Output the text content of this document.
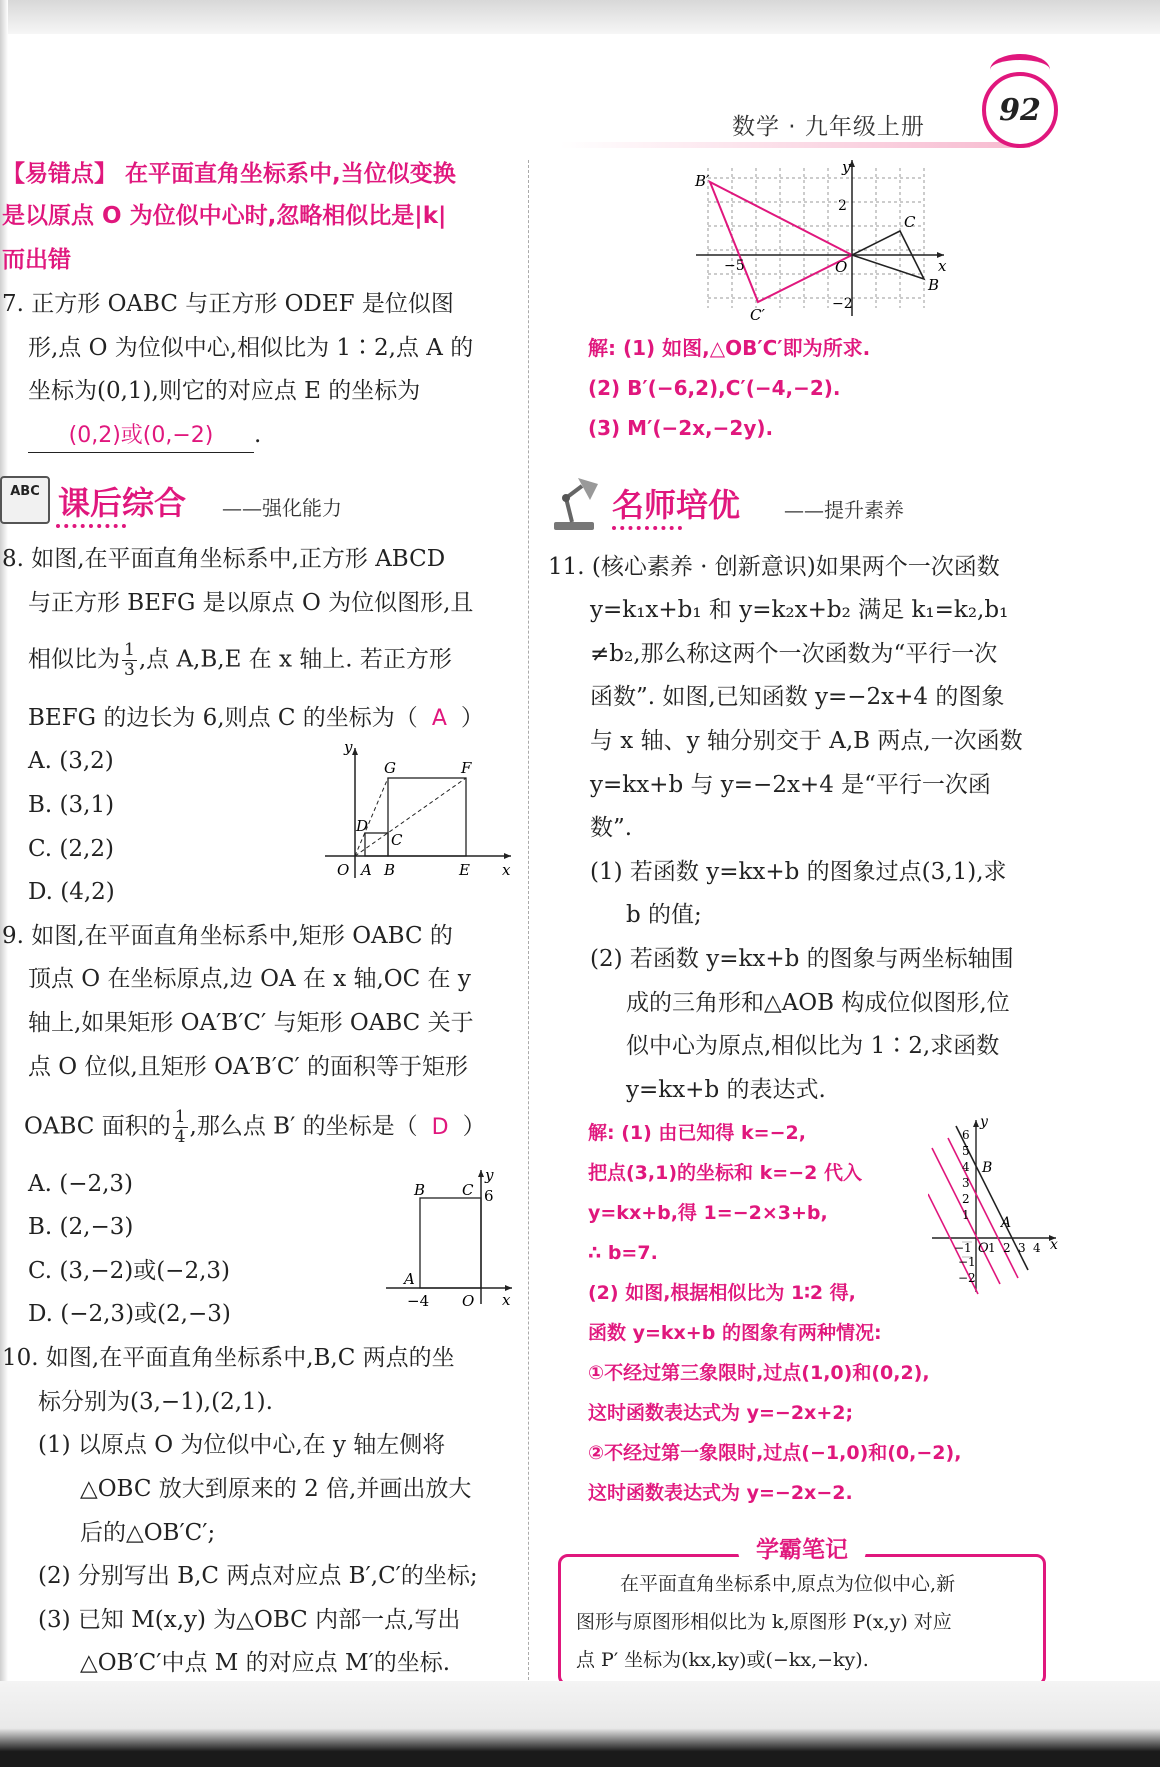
数学 · 九年级上册 92
【易错点】 在平面直角坐标系中,当位似变换
是以原点 O 为位似中心时,忽略相似比是|k|
而出错
7. 正方形 OABC 与正方形 ODEF 是位似图
形,点 O 为位似中心,相似比为 1∶2,点 A 的
坐标为(0,1),则它的对应点 E 的坐标为
(0,2)或(0,−2) .
ABC 课后综合 ——强化能力
8. 如图,在平面直角坐标系中,正方形 ABCD
与正方形 BEFG 是以原点 O 为位似图形,且
相似比为 $\frac{1}{3}$ ,点 A,B,E 在 x 轴上. 若正方形
BEFG 的边长为 6,则点 C 的坐标为（ A ）
A. (3,2)
B. (3,1)
C. (2,2)
D. (4,2)
y
x
O A B	E
C
D
G	F
9. 如图,在平面直角坐标系中,矩形 OABC 的
顶点 O 在坐标原点,边 OA 在 x 轴,OC 在 y
轴上,如果矩形 OA′B′C′ 与矩形 OABC 关于
点 O 位似,且矩形 OA′B′C′ 的面积等于矩形
OABC 面积的 $\frac{1}{4}$ ,那么点 B′ 的坐标是（ D ）
A. (−2,3)
B. (2,−3)
C. (3,−2)或(−2,3)
D. (−2,3)或(2,−3)
y
x
B C 6
A
−4 O
10. 如图,在平面直角坐标系中,B,C 两点的坐
标分别为(3,−1),(2,1).
(1) 以原点 O 为位似中心,在 y 轴左侧将
△OBC 放大到原来的 2 倍,并画出放大
后的△OB′C′;
(2) 分别写出 B,C 两点对应点 B′,C′的坐标;
(3) 已知 M(x,y) 为△OBC 内部一点,写出
△OB′C′中点 M 的对应点 M′的坐标.
y
x
B′
C′
C
B
O
2
−2
−5
解: (1) 如图,△OB′C′即为所求.
(2) B′(−6,2),C′(−4,−2).
(3) M′(−2x,−2y).
名师培优 ——提升素养
11. (核心素养 · 创新意识)如果两个一次函数
y=k₁x+b₁ 和 y=k₂x+b₂ 满足 k₁=k₂,b₁
≠b₂,那么称这两个一次函数为“平行一次
函数”. 如图,已知函数 y=−2x+4 的图象
与 x 轴、y 轴分别交于 A,B 两点,一次函数
y=kx+b 与 y=−2x+4 是“平行一次函
数”.
(1) 若函数 y=kx+b 的图象过点(3,1),求
b 的值;
(2) 若函数 y=kx+b 的图象与两坐标轴围
成的三角形和△AOB 构成位似图形,位
似中心为原点,相似比为 1∶2,求函数
y=kx+b 的表达式.
解: (1) 由已知得 k=−2,
把点(3,1)的坐标和 k=−2 代入
y=kx+b,得 1=−2×3+b,
∴ b=7.
(2) 如图,根据相似比为 1∶2 得,
函数 y=kx+b 的图象有两种情况:
①不经过第三象限时,过点(1,0)和(0,2),
这时函数表达式为 y=−2x+2;
②不经过第一象限时,过点(−1,0)和(0,−2),
这时函数表达式为 y=−2x−2.
y
x
B
A
O
6
5
4
3
2
1
−1
−2
−1 1 2 3 4
学霸笔记
在平面直角坐标系中,原点为位似中心,新
图形与原图形相似比为 k,原图形 P(x,y) 对应
点 P′ 坐标为(kx,ky)或(−kx,−ky).
